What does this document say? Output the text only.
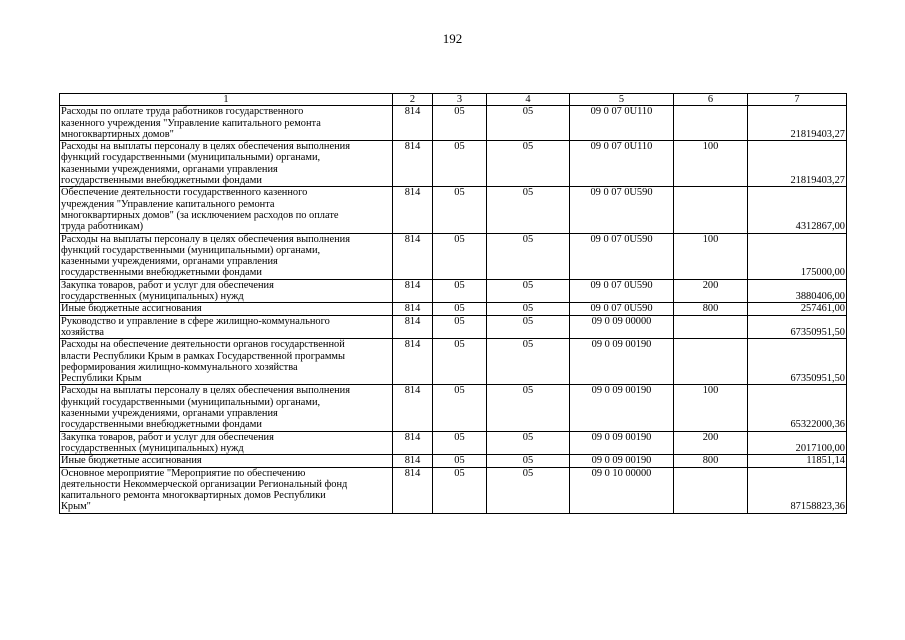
192
1	2	3	4	5	6	7

Расходы по оплате труда работников государственного
казенного учреждения "Управление капитального ремонта
многоквартирных домов"	814	05	05	09 0 07 0U110		21819403,27

Расходы на выплаты персоналу в целях обеспечения выполнения
функций государственными (муниципальными) органами,
казенными учреждениями, органами управления
государственными внебюджетными фондами	814	05	05	09 0 07 0U110	100	21819403,27

Обеспечение деятельности государственного казенного
учреждения "Управление капитального ремонта
многоквартирных домов" (за исключением расходов по оплате
труда работникам)	814	05	05	09 0 07 0U590		4312867,00

Расходы на выплаты персоналу в целях обеспечения выполнения
функций государственными (муниципальными) органами,
казенными учреждениями, органами управления
государственными внебюджетными фондами	814	05	05	09 0 07 0U590	100	175000,00

Закупка товаров, работ и услуг для обеспечения
государственных (муниципальных) нужд	814	05	05	09 0 07 0U590	200	3880406,00

Иные бюджетные ассигнования	814	05	05	09 0 07 0U590	800	257461,00

Руководство и управление в сфере жилищно-коммунального
хозяйства	814	05	05	09 0 09 00000		67350951,50

Расходы на обеспечение деятельности органов государственной
власти Республики Крым в рамках Государственной программы
реформирования жилищно-коммунального хозяйства
Республики Крым	814	05	05	09 0 09 00190		67350951,50

Расходы на выплаты персоналу в целях обеспечения выполнения
функций государственными (муниципальными) органами,
казенными учреждениями, органами управления
государственными внебюджетными фондами	814	05	05	09 0 09 00190	100	65322000,36

Закупка товаров, работ и услуг для обеспечения
государственных (муниципальных) нужд	814	05	05	09 0 09 00190	200	2017100,00

Иные бюджетные ассигнования	814	05	05	09 0 09 00190	800	11851,14

Основное мероприятие "Мероприятие по обеспечению
деятельности Некоммерческой организации Региональный фонд
капитального ремонта многоквартирных домов Республики
Крым"	814	05	05	09 0 10 00000		87158823,36
